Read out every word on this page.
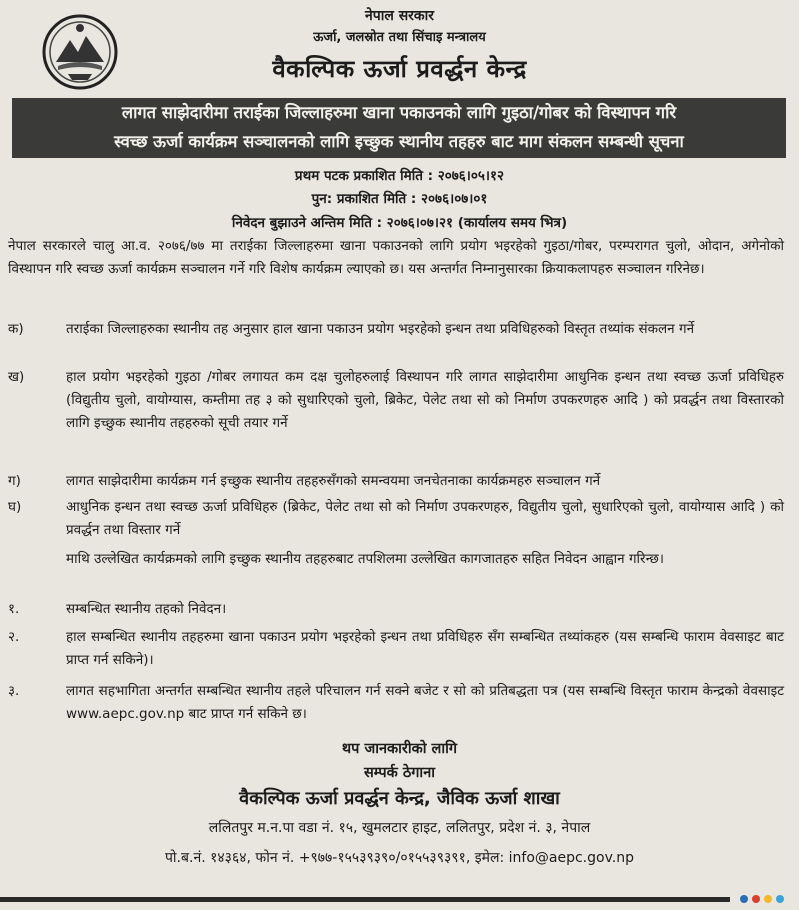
नेपाल सरकार
ऊर्जा, जलस्रोत तथा सिंचाइ मन्त्रालय
वैकल्पिक ऊर्जा प्रवर्द्धन केन्द्र
लागत साझेदारीमा तराईका जिल्लाहरुमा खाना पकाउनको लागि गुइठा/गोबर को विस्थापन गरि
स्वच्छ ऊर्जा कार्यक्रम सञ्चालनको लागि इच्छुक स्थानीय तहहरु बाट माग संकलन सम्बन्धी सूचना
प्रथम पटक प्रकाशित मिति : २०७६।०५।१२
पुन: प्रकाशित मिति : २०७६।०७।०१
निवेदन बुझाउने अन्तिम मिति : २०७६।०७।२१ (कार्यालय समय भित्र)
नेपाल सरकारले चालु आ.व. २०७६/७७ मा तराईका जिल्लाहरुमा खाना पकाउनको लागि प्रयोग भइरहेको गुइठा/गोबर, परम्परागत चुलो, ओदान, अगेनोको विस्थापन गरि स्वच्छ ऊर्जा कार्यक्रम सञ्चालन गर्ने गरि विशेष कार्यक्रम ल्याएको छ। यस अन्तर्गत निम्नानुसारका क्रियाकलापहरु सञ्चालन गरिनेछ।
क)	तराईका जिल्लाहरुका स्थानीय तह अनुसार हाल खाना पकाउन प्रयोग भइरहेको इन्धन तथा प्रविधिहरुको विस्तृत तथ्यांक संकलन गर्ने
ख)	हाल प्रयोग भइरहेको गुइठा /गोबर लगायत कम दक्ष चुलोहरुलाई विस्थापन गरि लागत साझेदारीमा आधुनिक इन्धन तथा स्वच्छ ऊर्जा प्रविधिहरु (विद्युतीय चुलो, वायोग्यास, कम्तीमा तह ३ को सुधारिएको चुलो, ब्रिकेट, पेलेट तथा सो को निर्माण उपकरणहरु आदि ) को प्रवर्द्धन तथा विस्तारको लागि इच्छुक स्थानीय तहहरुको सूची तयार गर्ने
ग)	लागत साझेदारीमा कार्यक्रम गर्न इच्छुक स्थानीय तहहरुसँगको समन्वयमा जनचेतनाका कार्यक्रमहरु सञ्चालन गर्ने
घ)	आधुनिक इन्धन तथा स्वच्छ ऊर्जा प्रविधिहरु (ब्रिकेट, पेलेट तथा सो को निर्माण उपकरणहरु, विद्युतीय चुलो, सुधारिएको चुलो, वायोग्यास आदि ) को प्रवर्द्धन तथा विस्तार गर्ने
माथि उल्लेखित कार्यक्रमको लागि इच्छुक स्थानीय तहहरुबाट तपशिलमा उल्लेखित कागजातहरु सहित निवेदन आह्वान गरिन्छ।
१.	सम्बन्धित स्थानीय तहको निवेदन।
२.	हाल सम्बन्धित स्थानीय तहहरुमा खाना पकाउन प्रयोग भइरहेको इन्धन तथा प्रविधिहरु सँग सम्बन्धित तथ्यांकहरु (यस सम्बन्धि फाराम वेवसाइट बाट प्राप्त गर्न सकिने)।
३.	लागत सहभागिता अन्तर्गत सम्बन्धित स्थानीय तहले परिचालन गर्न सक्ने बजेट र सो को प्रतिबद्धता पत्र (यस सम्बन्धि विस्तृत फाराम केन्द्रको वेवसाइट www.aepc.gov.np बाट प्राप्त गर्न सकिने छ।
थप जानकारीको लागि
सम्पर्क ठेगाना
वैकल्पिक ऊर्जा प्रवर्द्धन केन्द्र, जैविक ऊर्जा शाखा
ललितपुर म.न.पा वडा नं. १५, खुमलटार हाइट, ललितपुर, प्रदेश नं. ३, नेपाल
पो.ब.नं. १४३६४, फोन नं. +९७७-१५५३९३९०/०१५५३९३९१, इमेल: info@aepc.gov.np
